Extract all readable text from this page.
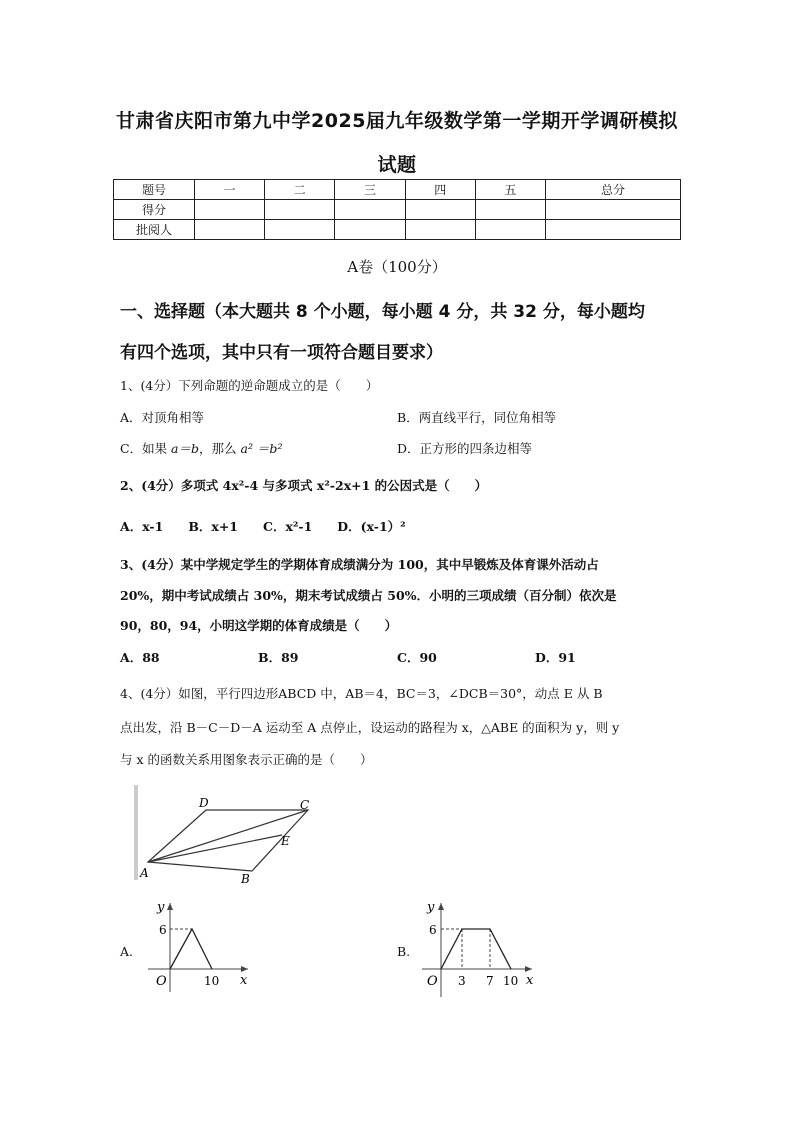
甘肃省庆阳市第九中学2025届九年级数学第一学期开学调研模拟
试题
题号	一	二	三	四	五	总分
得分						
批阅人						
A卷（100分）
一、选择题（本大题共 8 个小题，每小题 4 分，共 32 分，每小题均
有四个选项，其中只有一项符合题目要求）
1、(4分）下列命题的逆命题成立的是（　　）
A．对顶角相等	B．两直线平行，同位角相等
C．如果 a＝b，那么 a² ＝b²	D．正方形的四条边相等
2、(4分）多项式 4x²-4 与多项式 x²-2x+1 的公因式是（　　）
A．x-1　　B．x+1　　C．x²-1　　D．(x-1）²
3、(4分）某中学规定学生的学期体育成绩满分为 100，其中早锻炼及体育课外活动占
20%，期中考试成绩占 30%，期末考试成绩占 50%．小明的三项成绩（百分制）依次是
90，80，94，小明这学期的体育成绩是（　　）
A．88	B．89	C．90	D．91
4、(4分）如图，平行四边形ABCD 中，AB＝4，BC＝3，∠DCB＝30°，动点 E 从 B
点出发，沿 B－C－D－A 运动至 A 点停止，设运动的路程为 x，△ABE 的面积为 y，则 y
与 x 的函数关系用图象表示正确的是（　　）
D	C
E
A	B
A.
y
6
O	10 x
B.
y
6
O 3 7 10 x
